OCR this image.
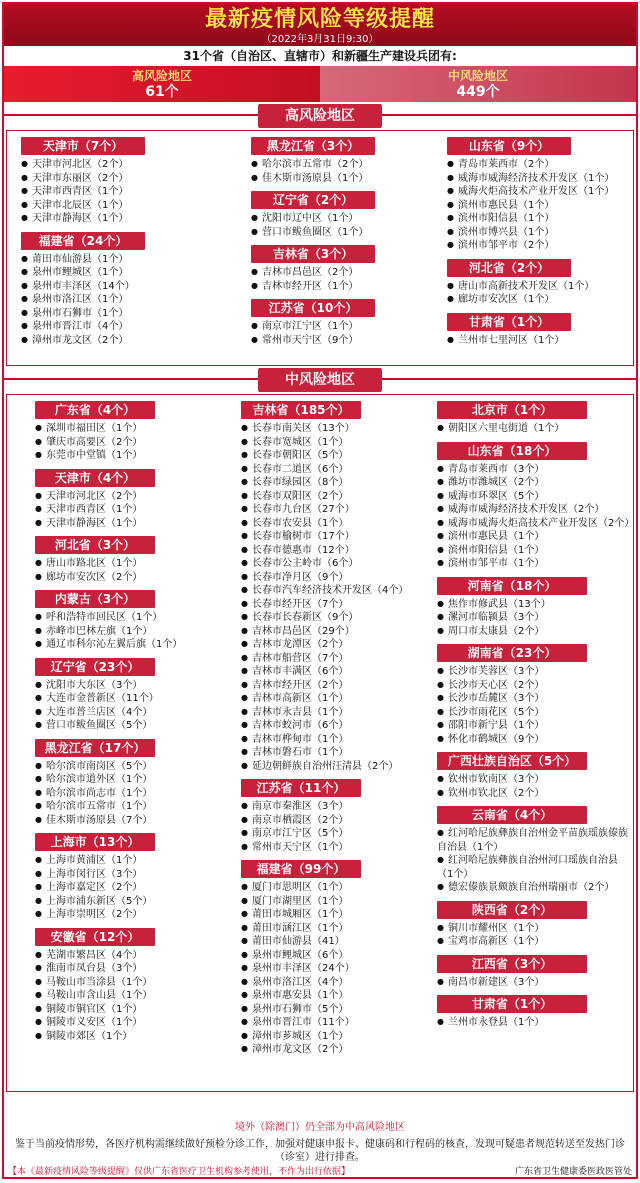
最新疫情风险等级提醒
（2022年3月31日9:30）
31个省（自治区、直辖市）和新疆生产建设兵团有:
高风险地区
61个
中风险地区
449个
高风险地区
天津市（7个）
● 天津市河北区（2个）
● 天津市东丽区（2个）
● 天津市西青区（1个）
● 天津市北辰区（1个）
● 天津市静海区（1个）
福建省（24个）
● 莆田市仙游县（1个）
● 泉州市鲤城区（1个）
● 泉州市丰泽区（14个）
● 泉州市洛江区（1个）
● 泉州市石狮市（1个）
● 泉州市晋江市（4个）
● 漳州市龙文区（2个）
黑龙江省（3个）
● 哈尔滨市五常市（2个）
● 佳木斯市汤原县（1个）
辽宁省（2个）
● 沈阳市辽中区（1个）
● 营口市鲅鱼圈区（1个）
吉林省（3个）
● 吉林市昌邑区（2个）
● 吉林市经开区（1个）
江苏省（10个）
● 南京市江宁区（1个）
● 常州市天宁区（9个）
山东省（9个）
● 青岛市莱西市（2个）
● 威海市威海经济技术开发区（1个）
● 威海火炬高技术产业开发区（1个）
● 滨州市惠民县（1个）
● 滨州市阳信县（1个）
● 滨州市博兴县（1个）
● 滨州市邹平市（2个）
河北省（2个）
● 唐山市高新技术开发区（1个）
● 廊坊市安次区（1个）
甘肃省（1个）
● 兰州市七里河区（1个）
中风险地区
广东省（4个）
● 深圳市福田区（1个）
● 肇庆市高要区（2个）
● 东莞市中堂镇（1个）
天津市（4个）
● 天津市河北区（2个）
● 天津市西青区（1个）
● 天津市静海区（1个）
河北省（3个）
● 唐山市路北区（1个）
● 廊坊市安次区（2个）
内蒙古（3个）
● 呼和浩特市回民区（1个）
● 赤峰市巴林左旗（1个）
● 通辽市科尔沁左翼后旗（1个）
辽宁省（23个）
● 沈阳市大东区（3个）
● 大连市金普新区（11个）
● 大连市普兰店区（4个）
● 营口市鲅鱼圈区（5个）
黑龙江省（17个）
● 哈尔滨市南岗区（5个）
● 哈尔滨市道外区（1个）
● 哈尔滨市尚志市（1个）
● 哈尔滨市五常市（1个）
● 佳木斯市汤原县（7个）
上海市（13个）
● 上海市黄浦区（1个）
● 上海市闵行区（3个）
● 上海市嘉定区（2个）
● 上海市浦东新区（5个）
● 上海市崇明区（2个）
安徽省（12个）
● 芜湖市繁昌区（4个）
● 淮南市凤台县（3个）
● 马鞍山市当涂县（1个）
● 马鞍山市含山县（1个）
● 铜陵市铜官区（1个）
● 铜陵市义安区（1个）
● 铜陵市郊区（1个）
吉林省（185个）
● 长春市南关区（13个）
● 长春市宽城区（1个）
● 长春市朝阳区（5个）
● 长春市二道区（6个）
● 长春市绿园区（8个）
● 长春市双阳区（2个）
● 长春市九台区（27个）
● 长春市农安县（1个）
● 长春市榆树市（17个）
● 长春市德惠市（12个）
● 长春市公主岭市（6个）
● 长春市净月区（9个）
● 长春市汽车经济技术开发区（4个）
● 长春市经开区（7个）
● 长春市长春新区（9个）
● 吉林市昌邑区（29个）
● 吉林市龙潭区（2个）
● 吉林市船营区（7个）
● 吉林市丰满区（6个）
● 吉林市经开区（2个）
● 吉林市高新区（1个）
● 吉林市永吉县（1个）
● 吉林市蛟河市（6个）
● 吉林市桦甸市（1个）
● 吉林市磐石市（1个）
● 延边朝鲜族自治州汪清县（2个）
江苏省（11个）
● 南京市秦淮区（3个）
● 南京市栖霞区（2个）
● 南京市江宁区（5个）
● 常州市天宁区（1个）
福建省（99个）
● 厦门市思明区（1个）
● 厦门市湖里区（1个）
● 莆田市城厢区（1个）
● 莆田市涵江区（1个）
● 莆田市仙游县（41）
● 泉州市鲤城区（6个）
● 泉州市丰泽区（24个）
● 泉州市洛江区（4个）
● 泉州市惠安县（1个）
● 泉州市石狮市（5个）
● 泉州市晋江市（11个）
● 漳州市芗城区（1个）
● 漳州市龙文区（2个）
北京市（1个）
● 朝阳区六里屯街道（1个）
山东省（18个）
● 青岛市莱西市（3个）
● 潍坊市潍城区（2个）
● 威海市环翠区（5个）
● 威海市威海经济技术开发区（2个）
● 威海市威海火炬高技术产业开发区（2个）
● 滨州市惠民县（1个）
● 滨州市阳信县（1个）
● 滨州市邹平市（1个）
河南省（18个）
● 焦作市修武县（13个）
● 漯河市临颍县（3个）
● 周口市太康县（2个）
湖南省（23个）
● 长沙市芙蓉区（3个）
● 长沙市天心区（2个）
● 长沙市岳麓区（3个）
● 长沙市雨花区（5个）
● 邵阳市新宁县（1个）
● 怀化市鹤城区（9个）
广西壮族自治区（5个）
● 钦州市钦南区（3个）
● 钦州市钦北区（2个）
云南省（4个）
● 红河哈尼族彝族自治州金平苗族瑶族傣族自治县（1个）
● 红河哈尼族彝族自治州河口瑶族自治县（1个）
● 德宏傣族景颇族自治州瑞丽市（2个）
陕西省（2个）
● 铜川市耀州区（1个）
● 宝鸡市高新区（1个）
江西省（3个）
● 南昌市新建区（3个）
甘肃省（1个）
● 兰州市永登县（1个）
境外（除澳门）仍全部为中高风险地区
鉴于当前疫情形势，各医疗机构需继续做好预检分诊工作，加强对健康申报卡、健康码和行程码的核查，发现可疑患者规范转送至发热门诊（诊室）进行排查。
【本《最新疫情风险等级提醒》仅供广东省医疗卫生机构参考使用，不作为出行依据】	广东省卫生健康委医政医管处
